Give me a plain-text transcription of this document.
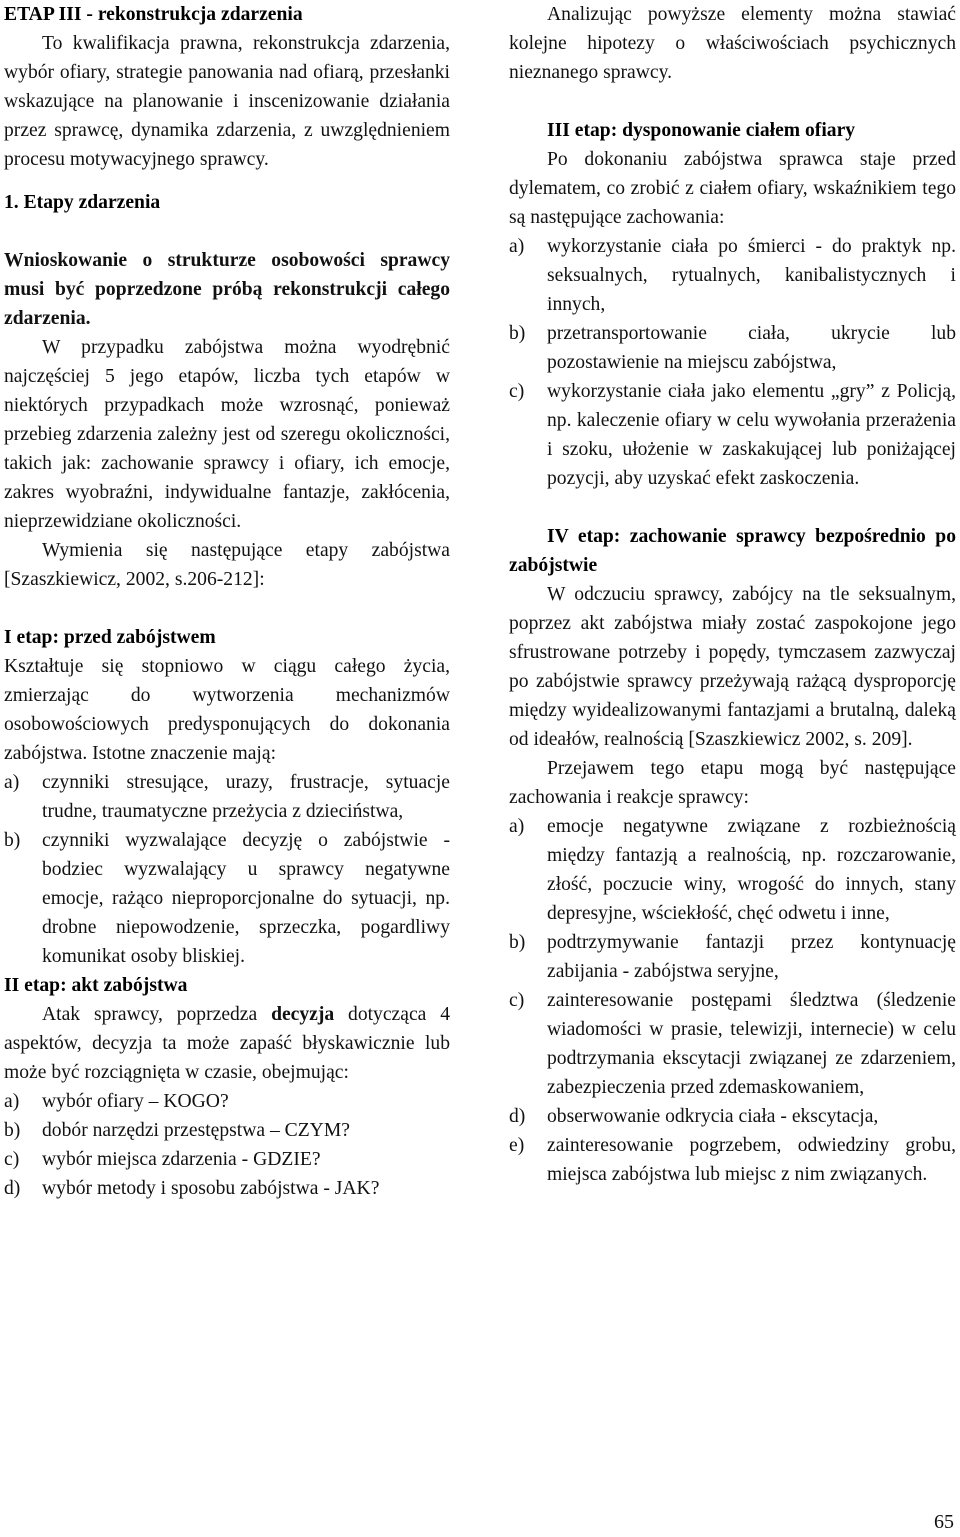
ETAP III - rekonstrukcja zdarzenia

To kwalifikacja prawna, rekonstrukcja zdarzenia, wybór ofiary, strategie panowania nad ofiarą, przesłanki wskazujące na planowanie i inscenizowanie działania przez sprawcę, dynamika zdarzenia, z uwzględnieniem procesu motywacyjnego sprawcy.

1. Etapy zdarzenia

Wnioskowanie o strukturze osobowości sprawcy musi być poprzedzone próbą rekonstrukcji całego zdarzenia.

W przypadku zabójstwa można wyodrębnić najczęściej 5 jego etapów, liczba tych etapów w niektórych przypadkach może wzrosnąć, ponieważ przebieg zdarzenia zależny jest od szeregu okoliczności, takich jak: zachowanie sprawcy i ofiary, ich emocje, zakres wyobraźni, indywidualne fantazje, zakłócenia, nieprzewidziane okoliczności.

Wymienia się następujące etapy zabójstwa [Szaszkiewicz, 2002, s.206-212]:

I etap: przed zabójstwem

Kształtuje się stopniowo w ciągu całego życia, zmierzając do wytworzenia mechanizmów osobowościowych predysponujących do dokonania zabójstwa. Istotne znaczenie mają:

a) czynniki stresujące, urazy, frustracje, sytuacje trudne, traumatyczne przeżycia z dzieciństwa,
b) czynniki wyzwalające decyzję o zabójstwie - bodziec wyzwalający u sprawcy negatywne emocje, rażąco nieproporcjonalne do sytuacji, np. drobne niepowodzenie, sprzeczka, pogardliwy komunikat osoby bliskiej.

II etap: akt zabójstwa

Atak sprawcy, poprzedza decyzja dotycząca 4 aspektów, decyzja ta może zapaść błyskawicznie lub może być rozciągnięta w czasie, obejmując:

a) wybór ofiary – KOGO?
b) dobór narzędzi przestępstwa – CZYM?
c) wybór miejsca zdarzenia - GDZIE?
d) wybór metody i sposobu zabójstwa - JAK?

Analizując powyższe elementy można stawiać kolejne hipotezy o właściwościach psychicznych nieznanego sprawcy.

III etap: dysponowanie ciałem ofiary

Po dokonaniu zabójstwa sprawca staje przed dylematem, co zrobić z ciałem ofiary, wskaźnikiem tego są następujące zachowania:

a) wykorzystanie ciała po śmierci - do praktyk np. seksualnych, rytualnych, kanibalistycznych i innych,
b) przetransportowanie ciała, ukrycie lub pozostawienie na miejscu zabójstwa,
c) wykorzystanie ciała jako elementu „gry” z Policją, np. kaleczenie ofiary w celu wywołania przerażenia i szoku, ułożenie w zaskakującej lub poniżającej pozycji, aby uzyskać efekt zaskoczenia.

IV etap: zachowanie sprawcy bezpośrednio po zabójstwie

W odczuciu sprawcy, zabójcy na tle seksualnym, poprzez akt zabójstwa miały zostać zaspokojone jego sfrustrowane potrzeby i popędy, tymczasem zazwyczaj po zabójstwie sprawcy przeżywają rażącą dysproporcję między wyidealizowanymi fantazjami a brutalną, daleką od ideałów, realnością [Szaszkiewicz 2002, s. 209].

Przejawem tego etapu mogą być następujące zachowania i reakcje sprawcy:

a) emocje negatywne związane z rozbieżnością między fantazją a realnością, np. rozczarowanie, złość, poczucie winy, wrogość do innych, stany depresyjne, wściekłość, chęć odwetu i inne,
b) podtrzymywanie fantazji przez kontynuację zabijania - zabójstwa seryjne,
c) zainteresowanie postępami śledztwa (śledzenie wiadomości w prasie, telewizji, internecie) w celu podtrzymania ekscytacji związanej ze zdarzeniem, zabezpieczenia przed zdemaskowaniem,
d) obserwowanie odkrycia ciała - ekscytacja,
e) zainteresowanie pogrzebem, odwiedziny grobu, miejsca zabójstwa lub miejsc z nim związanych.
65
